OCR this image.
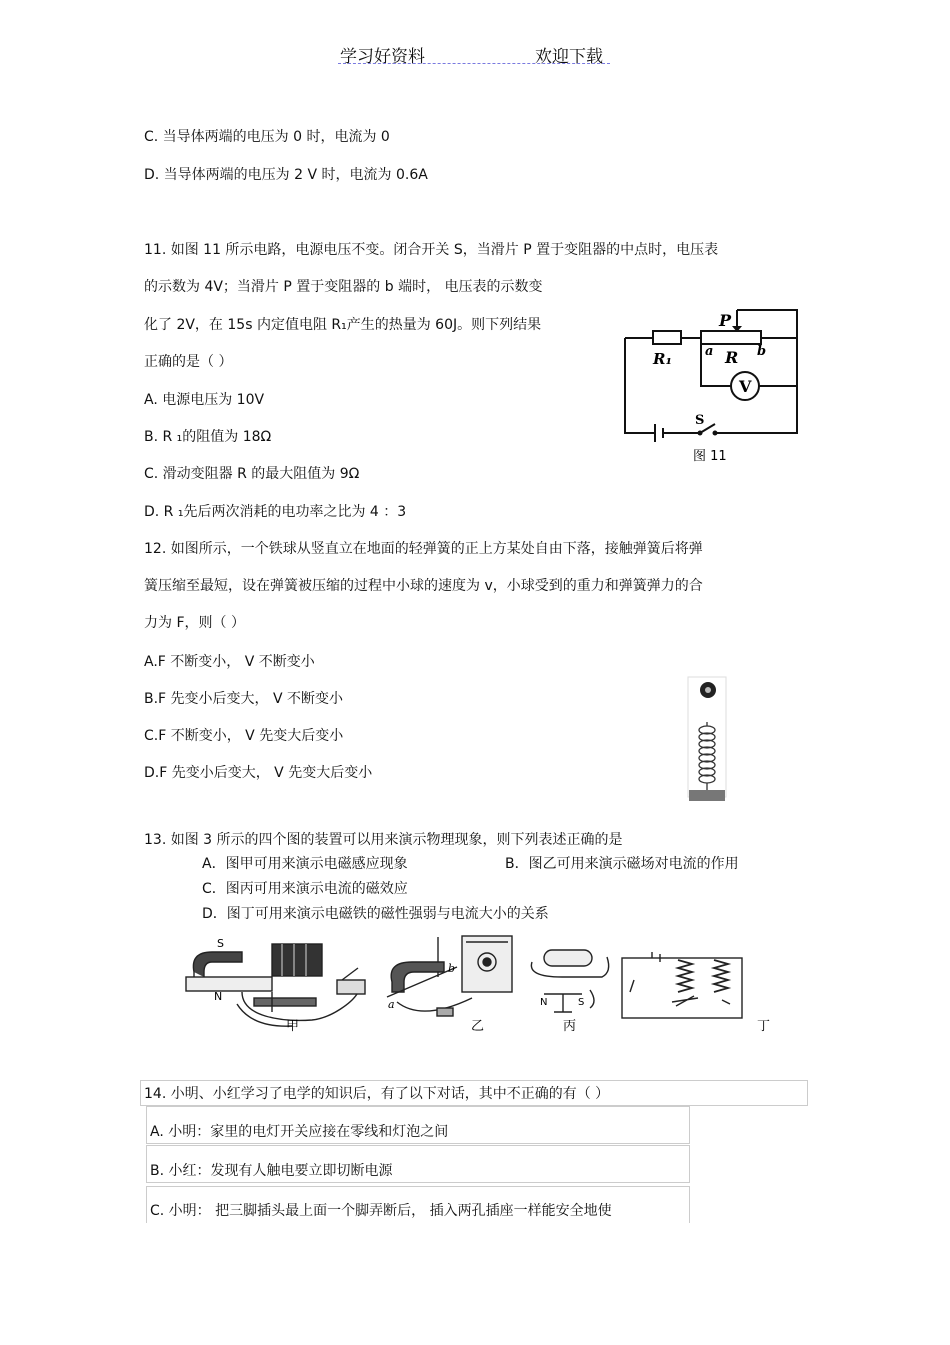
学习好资料	欢迎下载
C. 当导体两端的电压为 0 时，电流为 0
D. 当导体两端的电压为 2 V 时，电流为 0.6A
11. 如图 11 所示电路，电源电压不变。闭合开关 S，当滑片 P 置于变阻器的中点时，电压表
的示数为 4V；当滑片 P 置于变阻器的 b 端时， 电压表的示数变
化了 2V，在 15s 内定值电阻 R₁产生的热量为 60J。则下列结果
正确的是（ ）
A. 电源电压为 10V
B. R ₁的阻值为 18Ω
C. 滑动变阻器 R 的最大阻值为 9Ω
D. R ₁先后两次消耗的电功率之比为 4 ：3
P
R₁	a R b
V
S
图 11
12. 如图所示，一个铁球从竖直立在地面的轻弹簧的正上方某处自由下落，接触弹簧后将弹
簧压缩至最短，设在弹簧被压缩的过程中小球的速度为 v，小球受到的重力和弹簧弹力的合
力为 F，则（ ）
A.F 不断变小， V 不断变小
B.F 先变小后变大， V 不断变小
C.F 不断变小， V 先变大后变小
D.F 先变小后变大， V 先变大后变小
13. 如图 3 所示的四个图的装置可以用来演示物理现象，则下列表述正确的是
A．图甲可用来演示电磁感应现象	B．图乙可用来演示磁场对电流的作用
C．图丙可用来演示电流的磁效应
D．图丁可用来演示电磁铁的磁性强弱与电流大小的关系
S
N
a
b
N	S
甲	乙	丙	丁
14. 小明、小红学习了电学的知识后，有了以下对话，其中不正确的有（ ）
A. 小明：家里的电灯开关应接在零线和灯泡之间
B. 小红：发现有人触电要立即切断电源
C. 小明： 把三脚插头最上面一个脚弄断后， 插入两孔插座一样能安全地使
